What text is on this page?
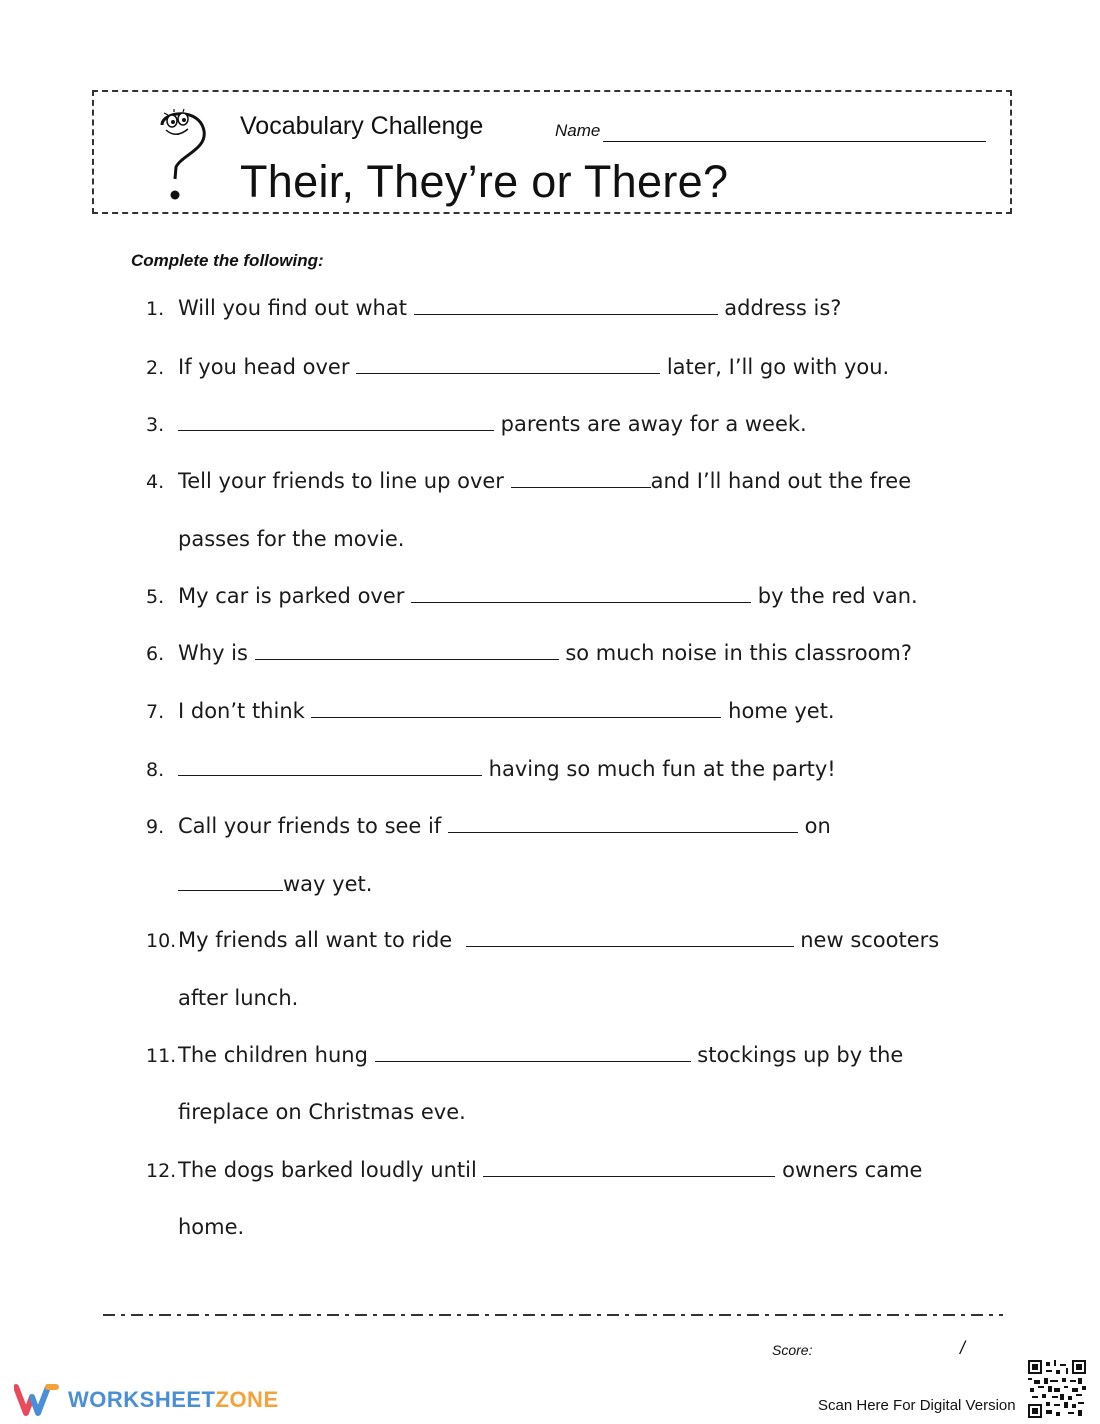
Vocabulary Challenge	Name
Their, They’re or There?
Complete the following:
1. Will you find out what	address is?
2. If you head over	later, I’ll go with you.
3.	parents are away for a week.
4. Tell your friends to line up over	and I’ll hand out the free
passes for the movie.
5. My car is parked over	by the red van.
6. Why is	so much noise in this classroom?
7. I don’t think	home yet.
8.	having so much fun at the party!
9. Call your friends to see if	on
way yet.
10.My friends all want to ride	new scooters
after lunch.
11.The children hung	stockings up by the
fireplace on Christmas eve.
12.The dogs barked loudly until	owners came
home.
Score:	/
WORKSHEETZONE	Scan Here For Digital Version
